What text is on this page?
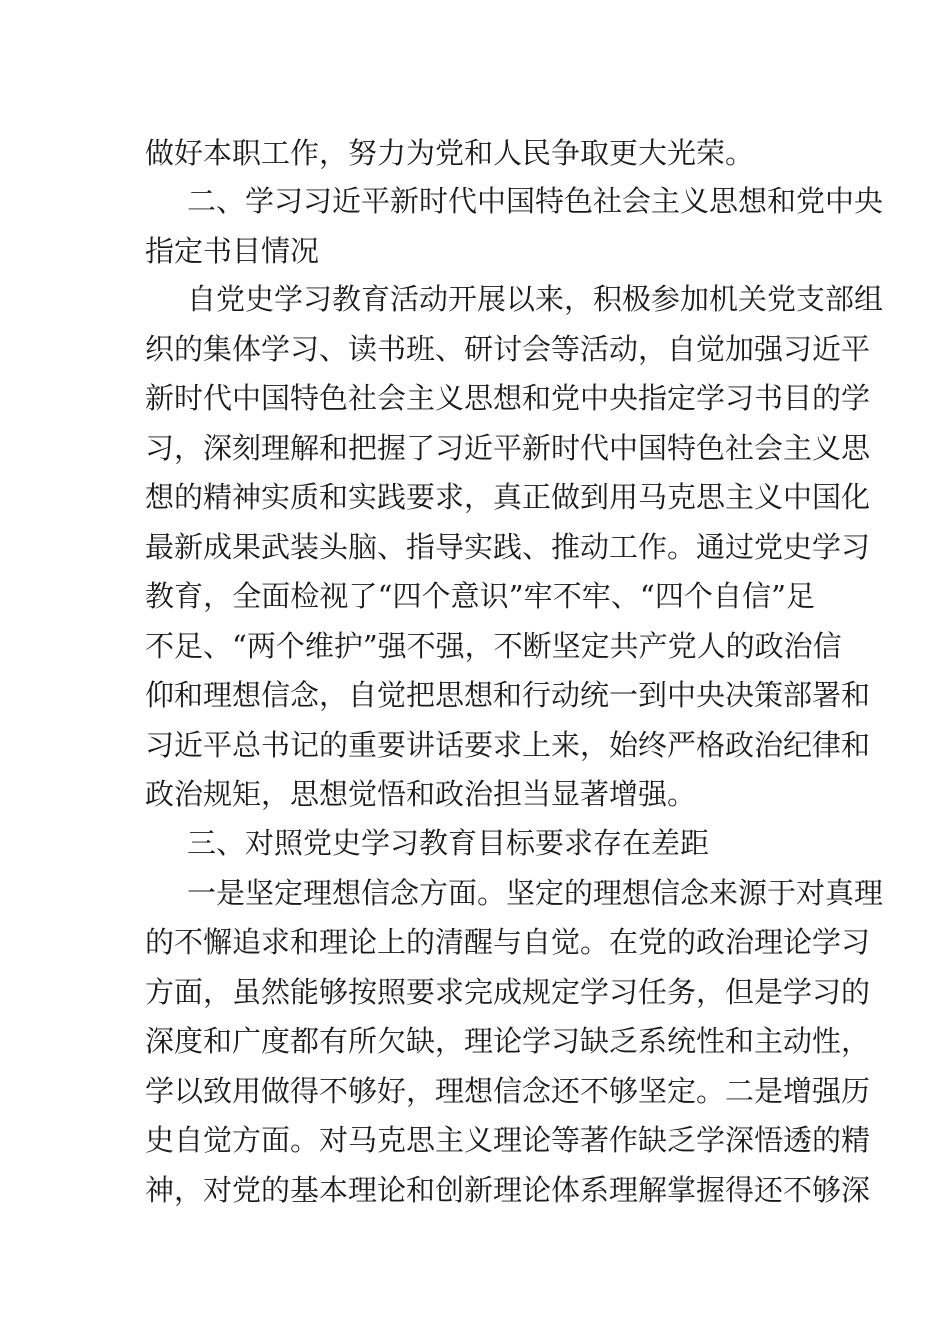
做好本职工作，努力为党和人民争取更大光荣。
二、学习习近平新时代中国特色社会主义思想和党中央
指定书目情况
自党史学习教育活动开展以来，积极参加机关党支部组
织的集体学习、读书班、研讨会等活动，自觉加强习近平
新时代中国特色社会主义思想和党中央指定学习书目的学
习，深刻理解和把握了习近平新时代中国特色社会主义思
想的精神实质和实践要求，真正做到用马克思主义中国化
最新成果武装头脑、指导实践、推动工作。通过党史学习
教育，全面检视了“四个意识”牢不牢、“四个自信”足
不足、“两个维护”强不强，不断坚定共产党人的政治信
仰和理想信念，自觉把思想和行动统一到中央决策部署和
习近平总书记的重要讲话要求上来，始终严格政治纪律和
政治规矩，思想觉悟和政治担当显著增强。
三、对照党史学习教育目标要求存在差距
一是坚定理想信念方面。坚定的理想信念来源于对真理
的不懈追求和理论上的清醒与自觉。在党的政治理论学习
方面，虽然能够按照要求完成规定学习任务，但是学习的
深度和广度都有所欠缺，理论学习缺乏系统性和主动性，
学以致用做得不够好，理想信念还不够坚定。二是增强历
史自觉方面。对马克思主义理论等著作缺乏学深悟透的精
神，对党的基本理论和创新理论体系理解掌握得还不够深
